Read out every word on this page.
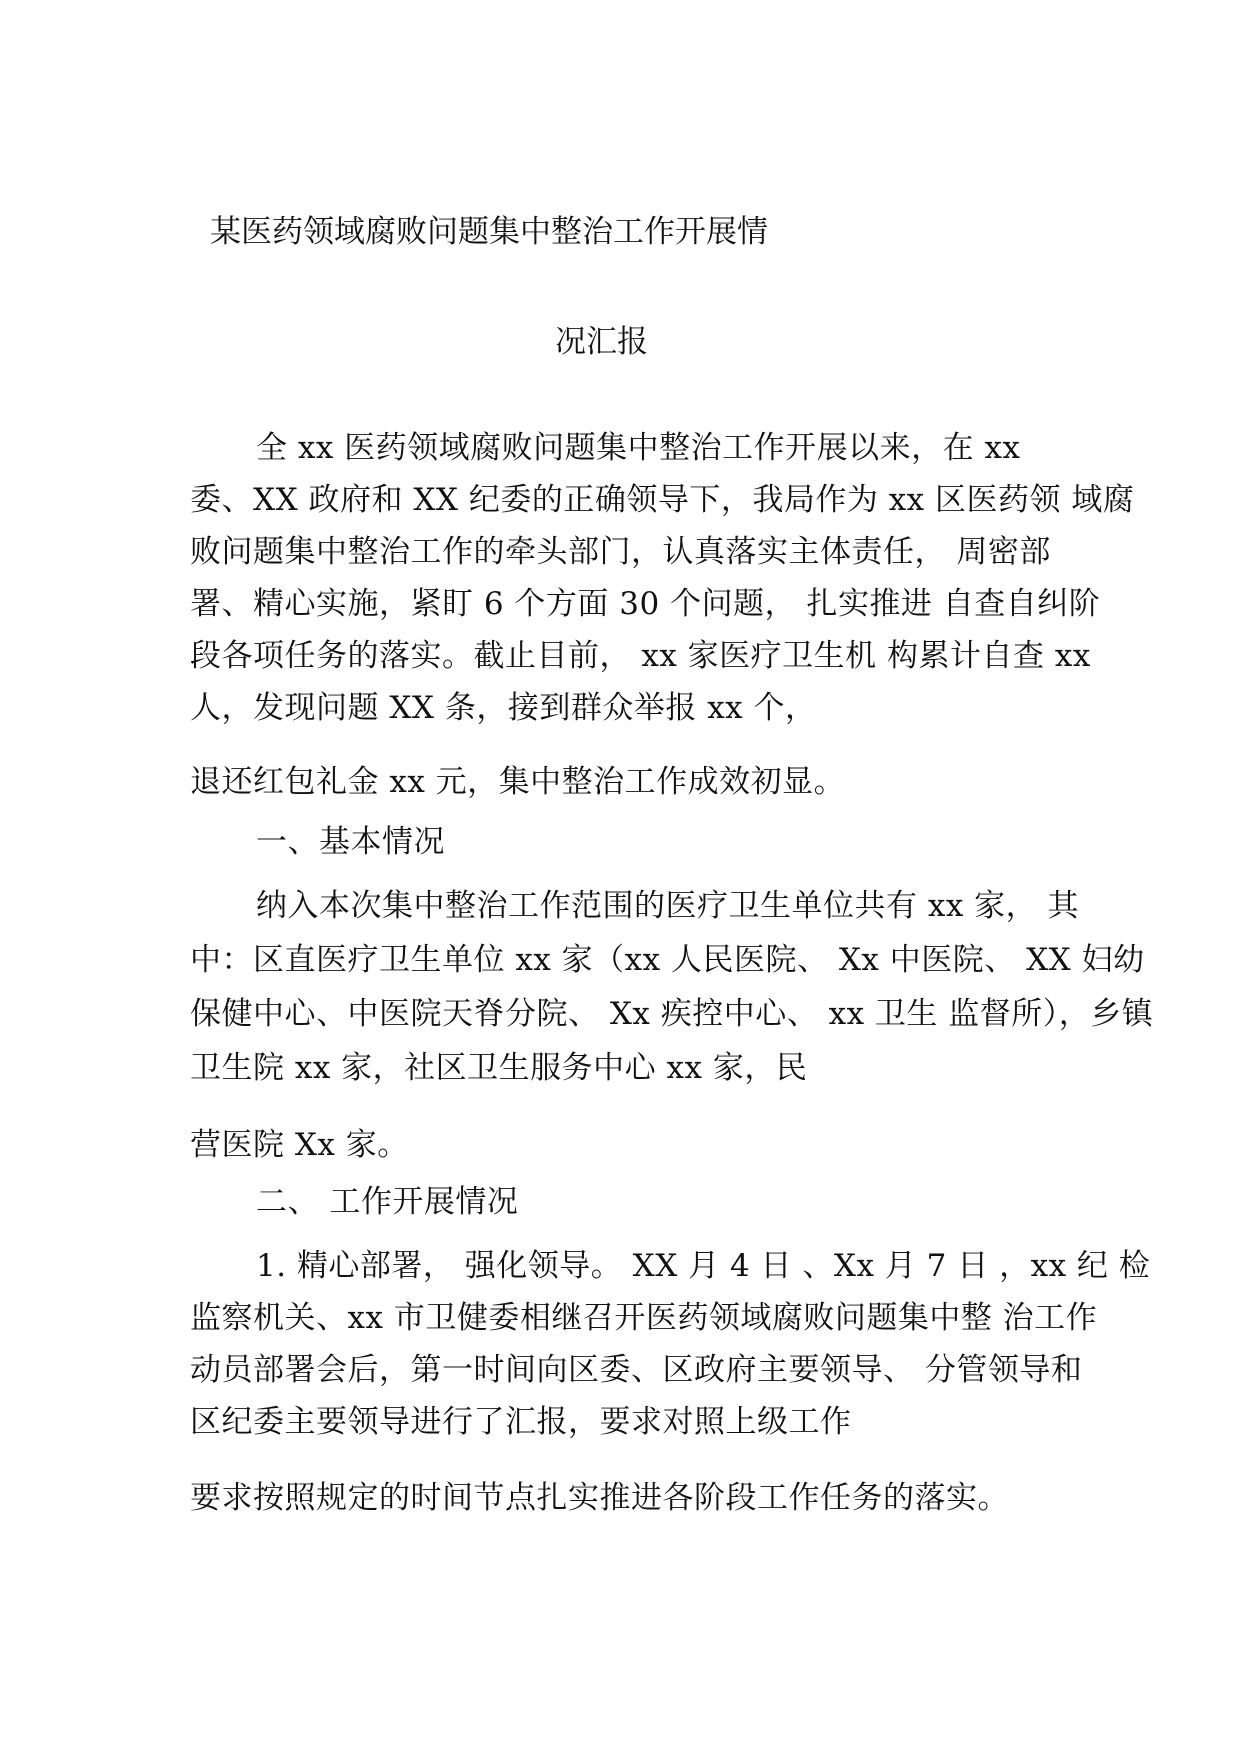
某医药领域腐败问题集中整治工作开展情
况汇报
全 xx 医药领域腐败问题集中整治工作开展以来，在 xx
委、XX 政府和 XX 纪委的正确领导下，我局作为 xx 区医药领 域腐
败问题集中整治工作的牵头部门，认真落实主体责任， 周密部
署、精心实施，紧盯 6 个方面 30 个问题， 扎实推进 自查自纠阶
段各项任务的落实。截止目前， xx 家医疗卫生机 构累计自查 xx
人，发现问题 XX 条，接到群众举报 xx 个，
退还红包礼金 xx 元，集中整治工作成效初显。
一、基本情况
纳入本次集中整治工作范围的医疗卫生单位共有 xx 家， 其
中：区直医疗卫生单位 xx 家（xx 人民医院、 Xx 中医院、 XX 妇幼
保健中心、中医院天脊分院、 Xx 疾控中心、 xx 卫生 监督所），乡镇
卫生院 xx 家，社区卫生服务中心 xx 家，民
营医院 Xx 家。
二、 工作开展情况
1. 精心部署， 强化领导。 XX 月 4 日 、Xx 月 7 日 ，xx 纪 检
监察机关、xx 市卫健委相继召开医药领域腐败问题集中整 治工作
动员部署会后，第一时间向区委、区政府主要领导、 分管领导和
区纪委主要领导进行了汇报，要求对照上级工作
要求按照规定的时间节点扎实推进各阶段工作任务的落实。
